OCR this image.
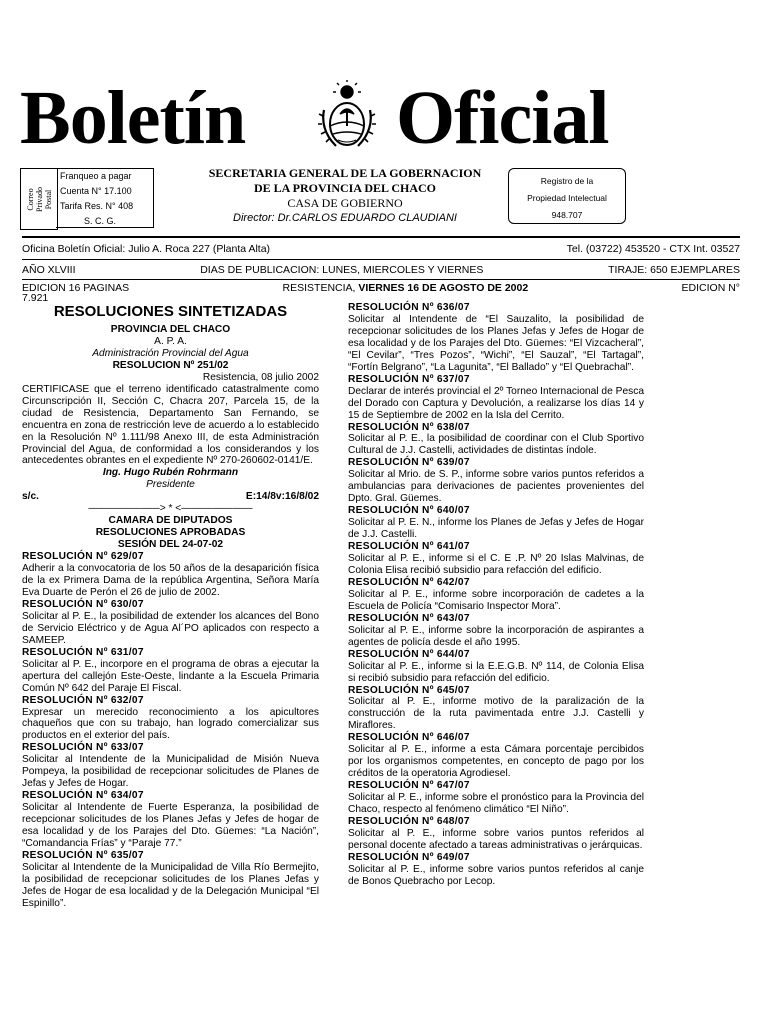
Boletín Oficial
Correo
Privado
Postal
Franqueo a pagar
Cuenta N° 17.100
Tarifa Res. N° 408
S. C. G.
SECRETARIA GENERAL DE LA GOBERNACION
DE LA PROVINCIA DEL CHACO
CASA DE GOBIERNO
Director: Dr.CARLOS EDUARDO CLAUDIANI
Registro de la
Propiedad Intelectual
948.707
Oficina Boletín Oficial: Julio A. Roca 227 (Planta Alta)	Tel. (03722) 453520 - CTX Int. 03527
AÑO XLVIII	DIAS DE PUBLICACION: LUNES, MIERCOLES Y VIERNES	TIRAJE: 650 EJEMPLARES
EDICION 16 PAGINAS	RESISTENCIA, VIERNES 16 DE AGOSTO DE 2002	EDICION N°
7.921

RESOLUCIONES SINTETIZADAS

PROVINCIA DEL CHACO

A. P. A.

Administración Provincial del Agua

RESOLUCION Nº 251/02

Resistencia, 08 julio 2002

CERTIFICASE que el terreno identificado catastralmente como Circunscripción II, Sección C, Chacra 207, Parcela 15, de la ciudad de Resistencia, Departamento San Fernando, se encuentra en zona de restricción leve de acuerdo a lo establecido en la Resolución Nº 1.111/98 Anexo III, de esta Administración Provincial del Agua, de conformidad a los considerandos y los antecedentes obrantes en el expediente Nº 270-260602-0141/E.

Ing. Hugo Rubén Rohrmann

Presidente

s/c.	E:14/8v:16/8/02

———————> * <———————

CAMARA DE DIPUTADOS

RESOLUCIONES APROBADAS

SESIÓN DEL 24-07-02

RESOLUCIÓN Nº 629/07

Adherir a la convocatoria de los 50 años de la desaparición física de la ex Primera Dama de la república Argentina, Señora María Eva Duarte de Perón el 26 de julio de 2002.

RESOLUCIÓN Nº 630/07

Solicitar al P. E., la posibilidad de extender los alcances del Bono de Servicio Eléctrico y de Agua Al´PO aplicados con respecto a SAMEEP.

RESOLUCIÓN Nº 631/07

Solicitar al P. E., incorpore en el programa de obras a ejecutar la apertura del callejón Este-Oeste, lindante a la Escuela Primaria Común Nº 642 del Paraje El Fiscal.

RESOLUCIÓN Nº 632/07

Expresar un merecido reconocimiento a los apicultores chaqueños que con su trabajo, han logrado comercializar sus productos en el exterior del país.

RESOLUCIÓN Nº 633/07

Solicitar al Intendente de la Municipalidad de Misión Nueva Pompeya, la posibilidad de recepcionar solicitudes de Planes de Jefas y Jefes de Hogar.

RESOLUCIÓN Nº 634/07

Solicitar al Intendente de Fuerte Esperanza, la posibilidad de recepcionar solicitudes de los Planes Jefas y Jefes de hogar de esa localidad y de los Parajes del Dto. Güemes: “La Nación”, “Comandancia Frías” y “Paraje 77.”

RESOLUCIÓN Nº 635/07

Solicitar al Intendente de la Municipalidad de Villa Río Bermejito, la posibilidad de recepcionar solicitudes de los Planes Jefas y Jefes de Hogar de esa localidad y de la Delegación Municipal “El Espinillo”.

RESOLUCIÓN Nº 636/07

Solicitar al Intendente de “El Sauzalito, la posibilidad de recepcionar solicitudes de los Planes Jefas y Jefes de Hogar de esa localidad y de los Parajes del Dto. Güemes: “El Vizcacheral”, “El Cevilar”, “Tres Pozos”, “Wichi”, “El Sauzal”, “El Tartagal”, “Fortín Belgrano”, “La Lagunita”, “El Ballado” y “El Quebrachal”.

RESOLUCIÓN Nº 637/07

Declarar de interés provincial el 2º Torneo Internacional de Pesca del Dorado con Captura y Devolución, a realizarse los días 14 y 15 de Septiembre de 2002 en la Isla del Cerrito.

RESOLUCIÓN Nº 638/07

Solicitar al P. E., la posibilidad de coordinar con el Club Sportivo Cultural de J.J. Castelli, actividades de distintas índole.

RESOLUCIÓN Nº 639/07

Solicitar al Mrio. de S. P., informe sobre varios puntos referidos a ambulancias para derivaciones de pacientes provenientes del Dpto. Gral. Güemes.

RESOLUCIÓN Nº 640/07

Solicitar al P. E. N., informe los Planes de Jefas y Jefes de Hogar de J.J. Castelli.

RESOLUCIÓN Nº 641/07

Solicitar al P. E., informe si el C. E .P. Nº 20 Islas Malvinas, de Colonia Elisa recibió subsidio para refacción del edificio.

RESOLUCIÓN Nº 642/07

Solicitar al P. E., informe sobre incorporación de cadetes a la Escuela de Policía “Comisario Inspector Mora”.

RESOLUCIÓN Nº 643/07

Solicitar al P. E., informe sobre la incorporación de aspirantes a agentes de policía desde el año 1995.

RESOLUCIÓN Nº 644/07

Solicitar al P. E., informe si la E.E.G.B. Nº 114, de Colonia Elisa si recibió subsidio para refacción del edificio.

RESOLUCIÓN Nº 645/07

Solicitar al P. E., informe motivo de la paralización de la construcción de la ruta pavimentada entre J.J. Castelli y Miraflores.

RESOLUCIÓN Nº 646/07

Solicitar al P. E., informe a esta Cámara porcentaje percibidos por los organismos competentes, en concepto de pago por los créditos de la operatoria Agrodiesel.

RESOLUCIÓN Nº 647/07

Solicitar al P. E., informe sobre el pronóstico para la Provincia del Chaco, respecto al fenómeno climático “El Niño”.

RESOLUCIÓN Nº 648/07

Solicitar al P. E., informe sobre varios puntos referidos al personal docente afectado a tareas administrativas o jerárquicas.

RESOLUCIÓN Nº 649/07

Solicitar al P. E., informe sobre varios puntos referidos al canje de Bonos Quebracho por Lecop.
